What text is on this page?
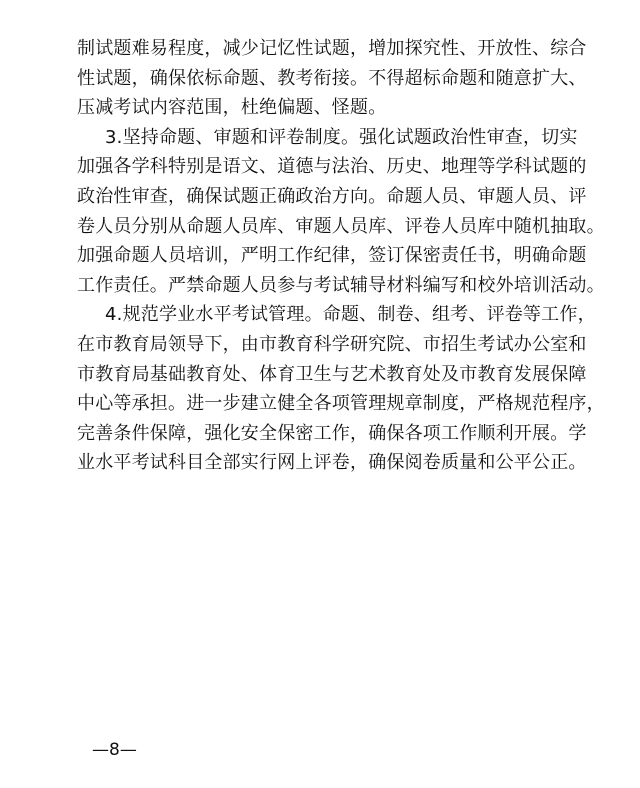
制试题难易程度，减少记忆性试题，增加探究性、开放性、综合
性试题，确保依标命题、教考衔接。不得超标命题和随意扩大、
压减考试内容范围，杜绝偏题、怪题。
3.坚持命题、审题和评卷制度。强化试题政治性审查，切实
加强各学科特别是语文、道德与法治、历史、地理等学科试题的
政治性审查，确保试题正确政治方向。命题人员、审题人员、评
卷人员分别从命题人员库、审题人员库、评卷人员库中随机抽取。
加强命题人员培训，严明工作纪律，签订保密责任书，明确命题
工作责任。严禁命题人员参与考试辅导材料编写和校外培训活动。
4.规范学业水平考试管理。命题、制卷、组考、评卷等工作，
在市教育局领导下，由市教育科学研究院、市招生考试办公室和
市教育局基础教育处、体育卫生与艺术教育处及市教育发展保障
中心等承担。进一步建立健全各项管理规章制度，严格规范程序，
完善条件保障，强化安全保密工作，确保各项工作顺利开展。学
业水平考试科目全部实行网上评卷，确保阅卷质量和公平公正。
—8—
